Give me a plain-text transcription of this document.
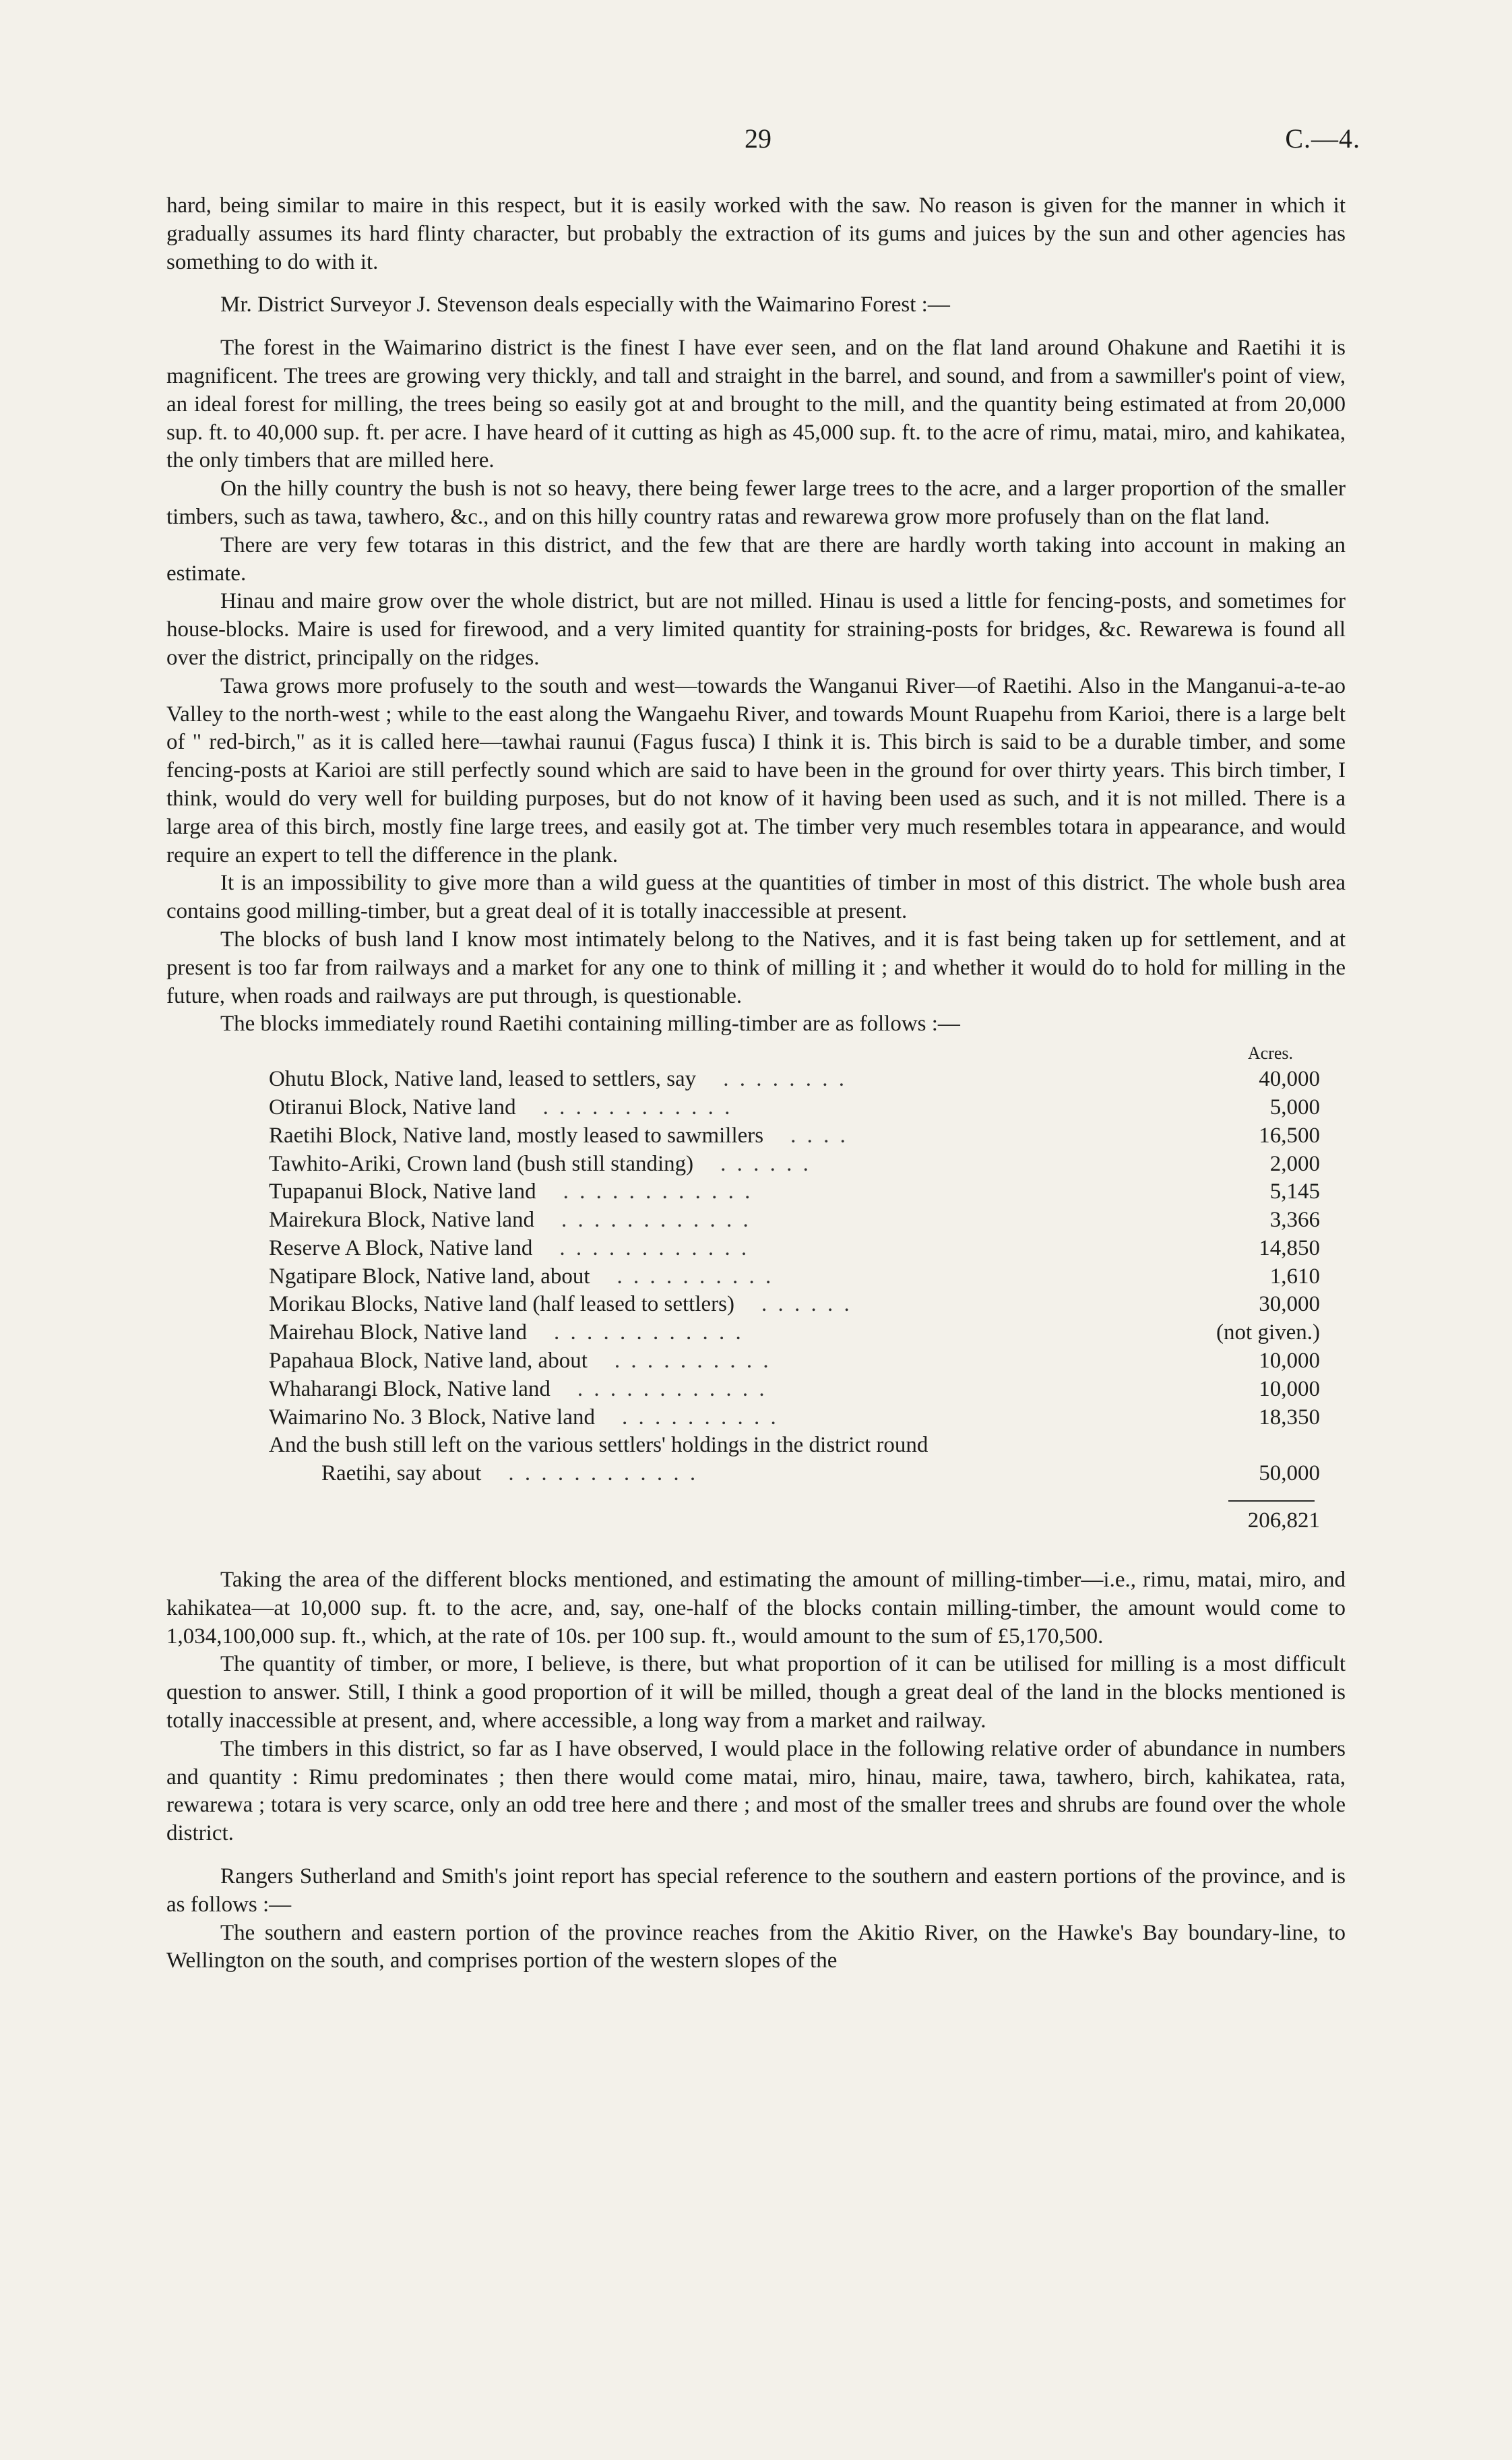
29	C.—4.

hard, being similar to maire in this respect, but it is easily worked with the saw. No reason is given for the manner in which it gradually assumes its hard flinty character, but probably the extraction of its gums and juices by the sun and other agencies has something to do with it.

Mr. District Surveyor J. Stevenson deals especially with the Waimarino Forest :—

The forest in the Waimarino district is the finest I have ever seen, and on the flat land around Ohakune and Raetihi it is magnificent. The trees are growing very thickly, and tall and straight in the barrel, and sound, and from a sawmiller's point of view, an ideal forest for milling, the trees being so easily got at and brought to the mill, and the quantity being estimated at from 20,000 sup. ft. to 40,000 sup. ft. per acre. I have heard of it cutting as high as 45,000 sup. ft. to the acre of rimu, matai, miro, and kahikatea, the only timbers that are milled here.

On the hilly country the bush is not so heavy, there being fewer large trees to the acre, and a larger proportion of the smaller timbers, such as tawa, tawhero, &c., and on this hilly country ratas and rewarewa grow more profusely than on the flat land.

There are very few totaras in this district, and the few that are there are hardly worth taking into account in making an estimate.

Hinau and maire grow over the whole district, but are not milled. Hinau is used a little for fencing-posts, and sometimes for house-blocks. Maire is used for firewood, and a very limited quantity for straining-posts for bridges, &c. Rewarewa is found all over the district, principally on the ridges.

Tawa grows more profusely to the south and west—towards the Wanganui River—of Raetihi. Also in the Manganui-a-te-ao Valley to the north-west ; while to the east along the Wangaehu River, and towards Mount Ruapehu from Karioi, there is a large belt of " red-birch," as it is called here—tawhai raunui (Fagus fusca) I think it is. This birch is said to be a durable timber, and some fencing-posts at Karioi are still perfectly sound which are said to have been in the ground for over thirty years. This birch timber, I think, would do very well for building purposes, but do not know of it having been used as such, and it is not milled. There is a large area of this birch, mostly fine large trees, and easily got at. The timber very much resembles totara in appearance, and would require an expert to tell the difference in the plank.

It is an impossibility to give more than a wild guess at the quantities of timber in most of this district. The whole bush area contains good milling-timber, but a great deal of it is totally inaccessible at present.

The blocks of bush land I know most intimately belong to the Natives, and it is fast being taken up for settlement, and at present is too far from railways and a market for any one to think of milling it ; and whether it would do to hold for milling in the future, when roads and railways are put through, is questionable.

The blocks immediately round Raetihi containing milling-timber are as follows :—

Acres.
Ohutu Block, Native land, leased to settlers, say	. . . . . . . .	40,000
Otiranui Block, Native land	. . . . . . . . . . . .	5,000
Raetihi Block, Native land, mostly leased to sawmillers	. . . .	16,500
Tawhito-Ariki, Crown land (bush still standing)	. . . . . .	2,000
Tupapanui Block, Native land	. . . . . . . . . . . .	5,145
Mairekura Block, Native land	. . . . . . . . . . . .	3,366
Reserve A Block, Native land	. . . . . . . . . . . .	14,850
Ngatipare Block, Native land, about	. . . . . . . . . .	1,610
Morikau Blocks, Native land (half leased to settlers)	. . . . . .	30,000
Mairehau Block, Native land	. . . . . . . . . . . .	(not given.)
Papahaua Block, Native land, about	. . . . . . . . . .	10,000
Whaharangi Block, Native land	. . . . . . . . . . . .	10,000
Waimarino No. 3 Block, Native land	. . . . . . . . . .	18,350
And the bush still left on the various settlers' holdings in the district round
Raetihi, say about	. . . . . . . . . . . .	50,000
206,821

Taking the area of the different blocks mentioned, and estimating the amount of milling-timber—i.e., rimu, matai, miro, and kahikatea—at 10,000 sup. ft. to the acre, and, say, one-half of the blocks contain milling-timber, the amount would come to 1,034,100,000 sup. ft., which, at the rate of 10s. per 100 sup. ft., would amount to the sum of £5,170,500.

The quantity of timber, or more, I believe, is there, but what proportion of it can be utilised for milling is a most difficult question to answer. Still, I think a good proportion of it will be milled, though a great deal of the land in the blocks mentioned is totally inaccessible at present, and, where accessible, a long way from a market and railway.

The timbers in this district, so far as I have observed, I would place in the following relative order of abundance in numbers and quantity : Rimu predominates ; then there would come matai, miro, hinau, maire, tawa, tawhero, birch, kahikatea, rata, rewarewa ; totara is very scarce, only an odd tree here and there ; and most of the smaller trees and shrubs are found over the whole district.

Rangers Sutherland and Smith's joint report has special reference to the southern and eastern portions of the province, and is as follows :—

The southern and eastern portion of the province reaches from the Akitio River, on the Hawke's Bay boundary-line, to Wellington on the south, and comprises portion of the western slopes of the
